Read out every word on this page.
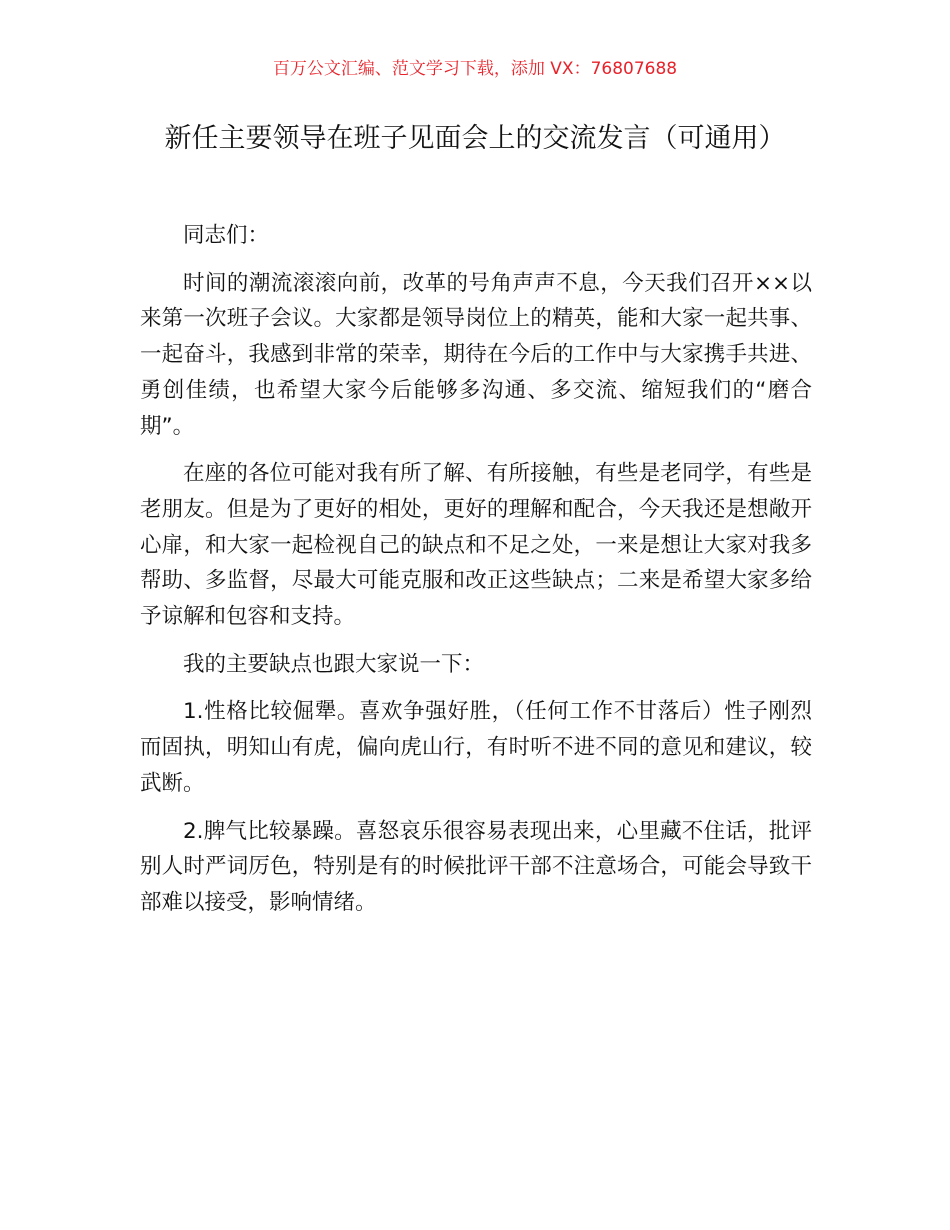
百万公文汇编、范文学习下载，添加 VX：76807688
新任主要领导在班子见面会上的交流发言（可通用）

同志们：

时间的潮流滚滚向前，改革的号角声声不息，今天我们召开××以来第一次班子会议。大家都是领导岗位上的精英，能和大家一起共事、一起奋斗，我感到非常的荣幸，期待在今后的工作中与大家携手共进、勇创佳绩，也希望大家今后能够多沟通、多交流、缩短我们的“磨合期”。

在座的各位可能对我有所了解、有所接触，有些是老同学，有些是老朋友。但是为了更好的相处，更好的理解和配合，今天我还是想敞开心扉，和大家一起检视自己的缺点和不足之处，一来是想让大家对我多帮助、多监督，尽最大可能克服和改正这些缺点；二来是希望大家多给予谅解和包容和支持。

我的主要缺点也跟大家说一下：

1.性格比较倔犟。喜欢争强好胜，（任何工作不甘落后）性子刚烈而固执，明知山有虎，偏向虎山行，有时听不进不同的意见和建议，较武断。

2.脾气比较暴躁。喜怒哀乐很容易表现出来，心里藏不住话，批评别人时严词厉色，特别是有的时候批评干部不注意场合，可能会导致干部难以接受，影响情绪。
